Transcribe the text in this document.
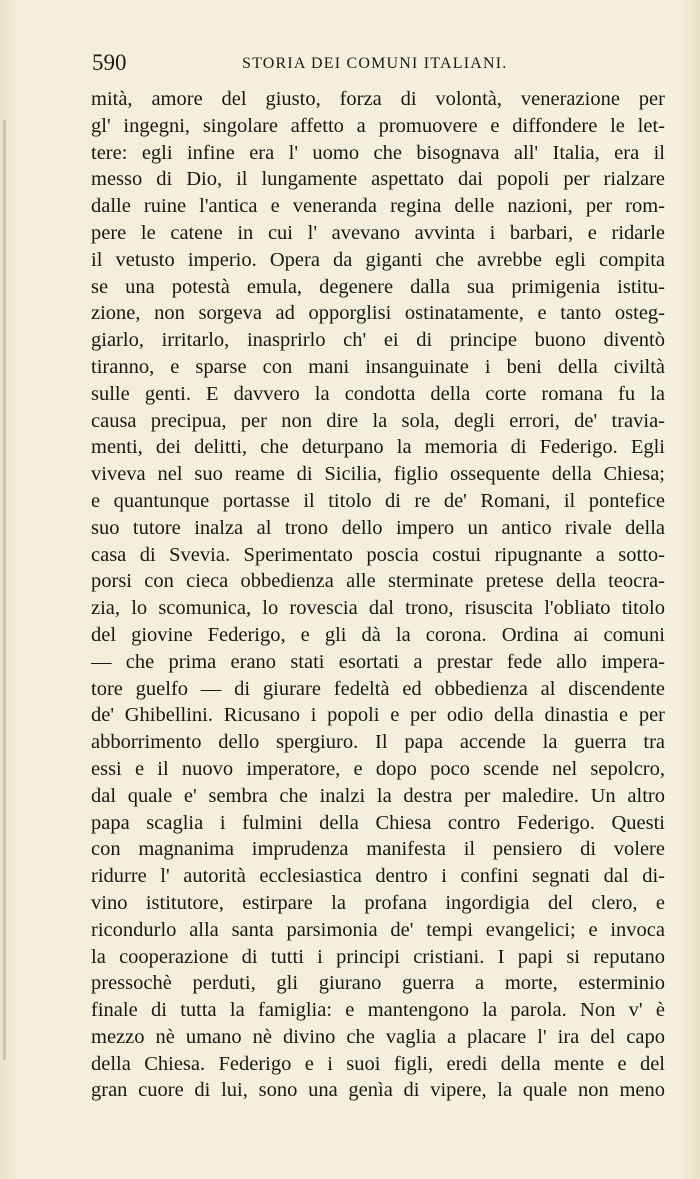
590	STORIA DEI COMUNI ITALIANI.
mità, amore del giusto, forza di volontà, venerazione per
gl' ingegni, singolare affetto a promuovere e diffondere le let-
tere: egli infine era l' uomo che bisognava all' Italia, era il
messo di Dio, il lungamente aspettato dai popoli per rialzare
dalle ruine l'antica e veneranda regina delle nazioni, per rom-
pere le catene in cui l' avevano avvinta i barbari, e ridarle
il vetusto imperio. Opera da giganti che avrebbe egli compita
se una potestà emula, degenere dalla sua primigenia istitu-
zione, non sorgeva ad opporglisi ostinatamente, e tanto osteg-
giarlo, irritarlo, inasprirlo ch' ei di principe buono diventò
tiranno, e sparse con mani insanguinate i beni della civiltà
sulle genti. E davvero la condotta della corte romana fu la
causa precipua, per non dire la sola, degli errori, de' travia-
menti, dei delitti, che deturpano la memoria di Federigo. Egli
viveva nel suo reame di Sicilia, figlio ossequente della Chiesa;
e quantunque portasse il titolo di re de' Romani, il pontefice
suo tutore inalza al trono dello impero un antico rivale della
casa di Svevia. Sperimentato poscia costui ripugnante a sotto-
porsi con cieca obbedienza alle sterminate pretese della teocra-
zia, lo scomunica, lo rovescia dal trono, risuscita l'obliato titolo
del giovine Federigo, e gli dà la corona. Ordina ai comuni
— che prima erano stati esortati a prestar fede allo impera-
tore guelfo — di giurare fedeltà ed obbedienza al discendente
de' Ghibellini. Ricusano i popoli e per odio della dinastia e per
abborrimento dello spergiuro. Il papa accende la guerra tra
essi e il nuovo imperatore, e dopo poco scende nel sepolcro,
dal quale e' sembra che inalzi la destra per maledire. Un altro
papa scaglia i fulmini della Chiesa contro Federigo. Questi
con magnanima imprudenza manifesta il pensiero di volere
ridurre l' autorità ecclesiastica dentro i confini segnati dal di-
vino istitutore, estirpare la profana ingordigia del clero, e
ricondurlo alla santa parsimonia de' tempi evangelici; e invoca
la cooperazione di tutti i principi cristiani. I papi si reputano
pressochè perduti, gli giurano guerra a morte, esterminio
finale di tutta la famiglia: e mantengono la parola. Non v' è
mezzo nè umano nè divino che vaglia a placare l' ira del capo
della Chiesa. Federigo e i suoi figli, eredi della mente e del
gran cuore di lui, sono una genìa di vipere, la quale non meno
